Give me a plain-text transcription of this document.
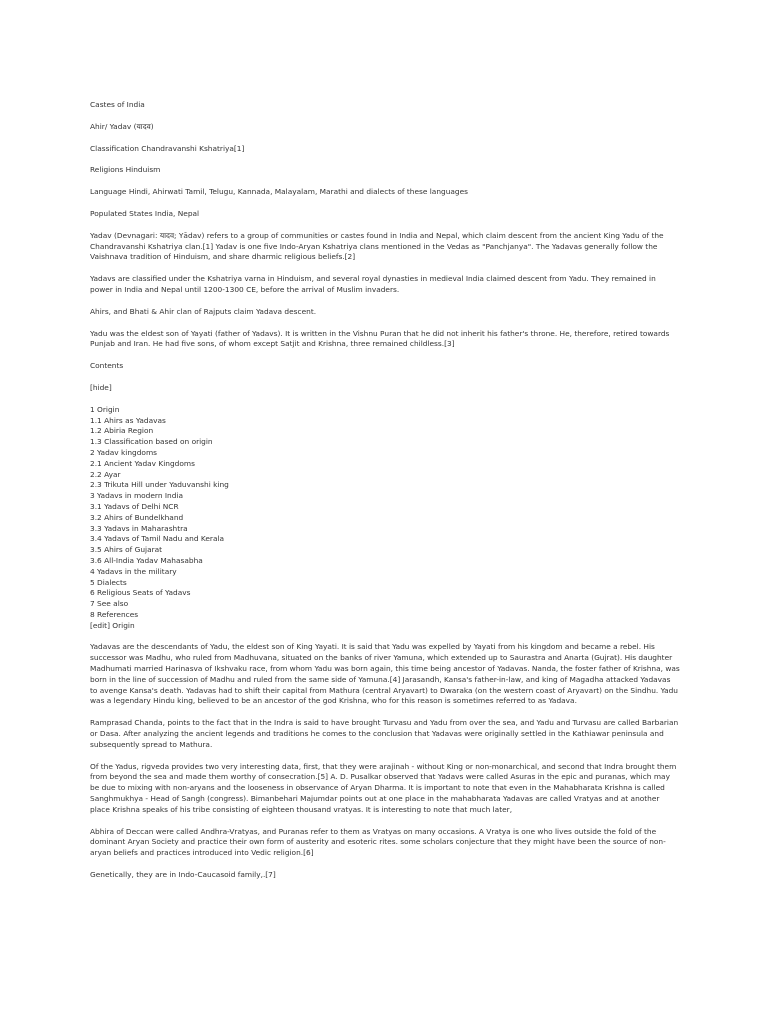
Castes of India

Ahir/ Yadav (यादव)

Classification Chandravanshi Kshatriya[1]

Religions Hinduism

Language Hindi, Ahirwati Tamil, Telugu, Kannada, Malayalam, Marathi and dialects of these languages

Populated States India, Nepal

Yadav (Devnagari: यादव; Yādav) refers to a group of communities or castes found in India and Nepal, which claim descent from the ancient King Yadu of the Chandravanshi Kshatriya clan.[1] Yadav is one five Indo-Aryan Kshatriya clans mentioned in the Vedas as "Panchjanya". The Yadavas generally follow the Vaishnava tradition of Hinduism, and share dharmic religious beliefs.[2]

Yadavs are classified under the Kshatriya varna in Hinduism, and several royal dynasties in medieval India claimed descent from Yadu. They remained in power in India and Nepal until 1200-1300 CE, before the arrival of Muslim invaders.

Ahirs, and Bhati & Ahir clan of Rajputs claim Yadava descent.

Yadu was the eldest son of Yayati (father of Yadavs). It is written in the Vishnu Puran that he did not inherit his father's throne. He, therefore, retired towards Punjab and Iran. He had five sons, of whom except Satjit and Krishna, three remained childless.[3]

Contents

[hide]

1 Origin
1.1 Ahirs as Yadavas
1.2 Abiria Region
1.3 Classification based on origin
2 Yadav kingdoms
2.1 Ancient Yadav Kingdoms
2.2 Ayar
2.3 Trikuta Hill under Yaduvanshi king
3 Yadavs in modern India
3.1 Yadavs of Delhi NCR
3.2 Ahirs of Bundelkhand
3.3 Yadavs in Maharashtra
3.4 Yadavs of Tamil Nadu and Kerala
3.5 Ahirs of Gujarat
3.6 All-India Yadav Mahasabha
4 Yadavs in the military
5 Dialects
6 Religious Seats of Yadavs
7 See also
8 References
[edit] Origin

Yadavas are the descendants of Yadu, the eldest son of King Yayati. It is said that Yadu was expelled by Yayati from his kingdom and became a rebel. His successor was Madhu, who ruled from Madhuvana, situated on the banks of river Yamuna, which extended up to Saurastra and Anarta (Gujrat). His daughter Madhumati married Harinasva of Ikshvaku race, from whom Yadu was born again, this time being ancestor of Yadavas. Nanda, the foster father of Krishna, was born in the line of succession of Madhu and ruled from the same side of Yamuna.[4] Jarasandh, Kansa's father-in-law, and king of Magadha attacked Yadavas to avenge Kansa's death. Yadavas had to shift their capital from Mathura (central Aryavart) to Dwaraka (on the western coast of Aryavart) on the Sindhu. Yadu was a legendary Hindu king, believed to be an ancestor of the god Krishna, who for this reason is sometimes referred to as Yadava.

Ramprasad Chanda, points to the fact that in the Indra is said to have brought Turvasu and Yadu from over the sea, and Yadu and Turvasu are called Barbarian or Dasa. After analyzing the ancient legends and traditions he comes to the conclusion that Yadavas were originally settled in the Kathiawar peninsula and subsequently spread to Mathura.

Of the Yadus, rigveda provides two very interesting data, first, that they were arajinah - without King or non-monarchical, and second that Indra brought them from beyond the sea and made them worthy of consecration.[5] A. D. Pusalkar observed that Yadavs were called Asuras in the epic and puranas, which may be due to mixing with non-aryans and the looseness in observance of Aryan Dharma. It is important to note that even in the Mahabharata Krishna is called Sanghmukhya - Head of Sangh (congress). Bimanbehari Majumdar points out at one place in the mahabharata Yadavas are called Vratyas and at another place Krishna speaks of his tribe consisting of eighteen thousand vratyas. It is interesting to note that much later,

Abhira of Deccan were called Andhra-Vratyas, and Puranas refer to them as Vratyas on many occasions. A Vratya is one who lives outside the fold of the dominant Aryan Society and practice their own form of austerity and esoteric rites. some scholars conjecture that they might have been the source of non-aryan beliefs and practices introduced into Vedic religion.[6]

Genetically, they are in Indo-Caucasoid family,.[7]
